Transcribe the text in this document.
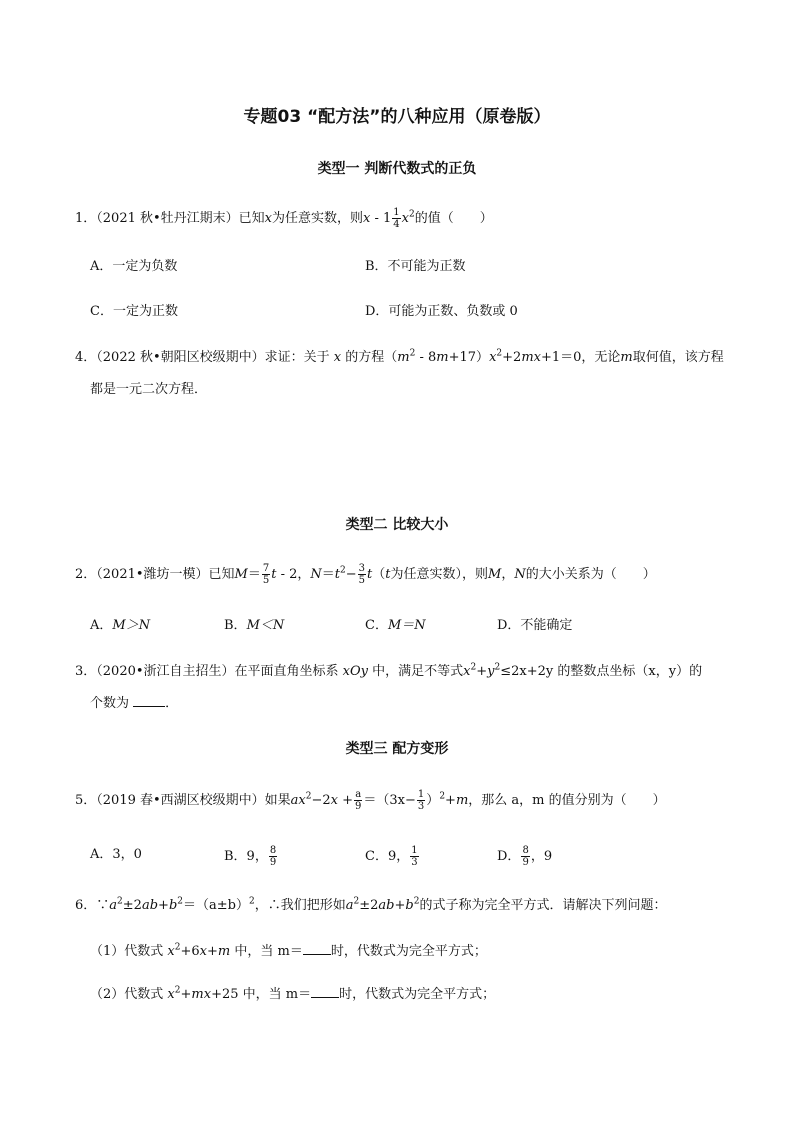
专题03 “配方法”的八种应用（原卷版）
类型一 判断代数式的正负
1．（2021 秋•牡丹江期末）已知x为任意实数，则x - $1 \frac{1}{4} x^2$的值（　　）
A．一定为负数	B．不可能为正数
C．一定为正数	D．可能为正数、负数或 0
4．（2022 秋•朝阳区校级期中）求证：关于 x 的方程$(m^2 - 8m+17)x^2+2mx+1=0$，无论m取何值，该方程
都是一元二次方程．
类型二 比较大小
2．（2021•潍坊一模）已知$M= \frac{7}{5}$ t - 2，$N=t^2- \frac{3}{5} t(t$为任意实数），则M，N的大小关系为（　　）
A．M＞N	B．M＜N	C．M＝N	D．不能确定
3．（2020•浙江自主招生）在平面直角坐标系 xOy 中，满足不等式$x^2+y^2\le 2x+2y$ 的整数点坐标（x，y）的
个数为	．
类型三 配方变形
5．（2019 春•西湖区校级期中）如果$ax^2-2x + \frac{a}{9} =(3x- \frac{1}{3} )^2+m$，那么 a，m 的值分别为（　　）
A．3，0	B．9， $\frac{8}{9}$	C．9， $\frac{1}{3}$	D． $\frac{8}{9}$ ，9
6．$\because a^2\pm 2ab+b^2=(a\pm b)^2$，∴我们把形如$a^2\pm 2ab+b^2$的式子称为完全平方式．请解决下列问题：
（1）代数式 $x^2+6x+m$ 中，当 m＝ 时，代数式为完全平方式；
（2）代数式 $x^2+mx+25$ 中，当 m＝ 时，代数式为完全平方式；
